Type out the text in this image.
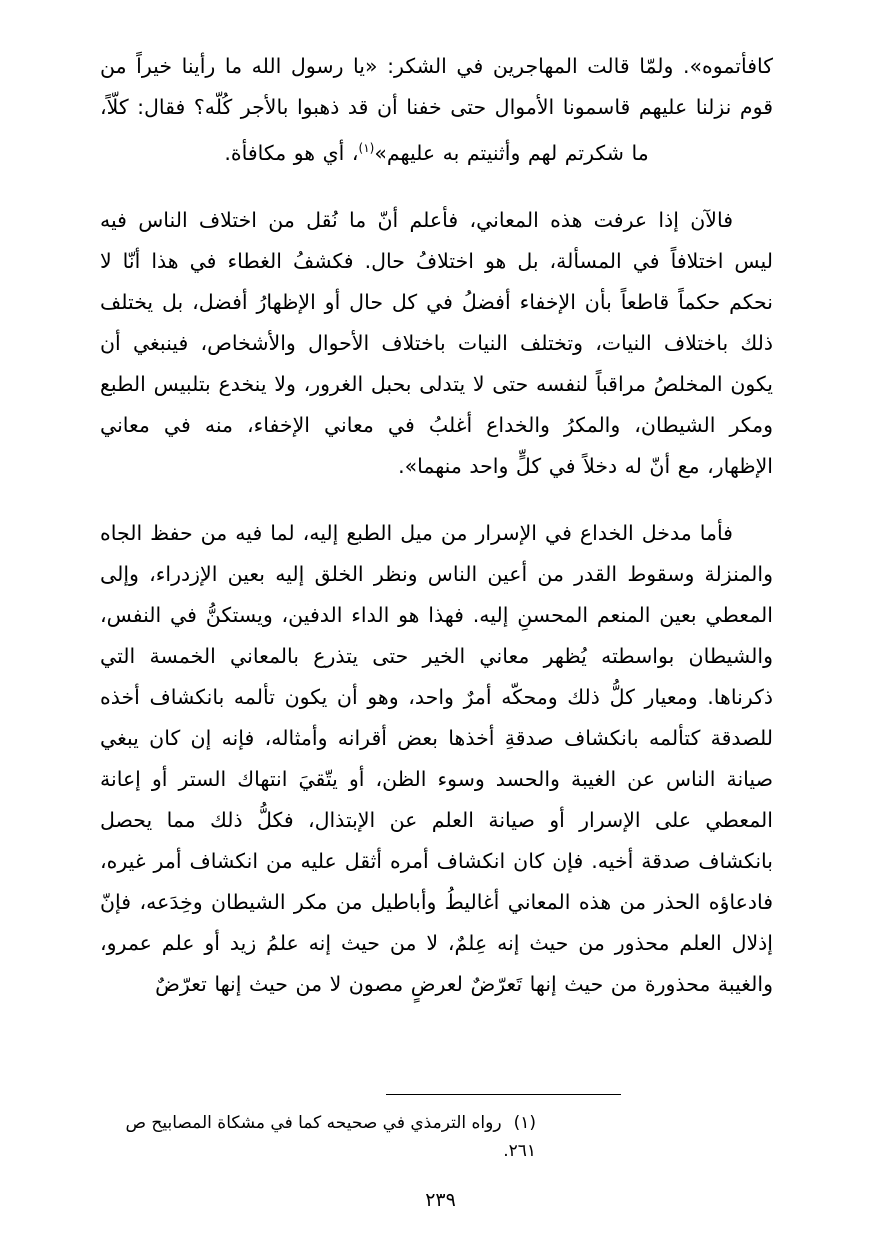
كافأتموه». ولمّا قالت المهاجرين في الشكر: «يا رسول الله ما رأينا خيراً من قوم نزلنا عليهم قاسمونا الأموال حتى خفنا أن قد ذهبوا بالأجر كُلّه؟ فقال: كلّاً، ما شكرتم لهم وأثنيتم به عليهم»$^{(١)}$، أي هو مكافأة.

فالآن إذا عرفت هذه المعاني، فأعلم أنّ ما نُقل من اختلاف الناس فيه ليس اختلافاً في المسألة، بل هو اختلافُ حال. فكشفُ الغطاء في هذا أنّا لا نحكم حكماً قاطعاً بأن الإخفاء أفضلُ في كل حال أو الإظهارُ أفضل، بل يختلف ذلك باختلاف النيات، وتختلف النيات باختلاف الأحوال والأشخاص، فينبغي أن يكون المخلصُ مراقباً لنفسه حتى لا يتدلى بحبل الغرور، ولا ينخدع بتلبيس الطبع ومكر الشيطان، والمكرُ والخداع أغلبُ في معاني الإخفاء، منه في معاني الإظهار، مع أنّ له دخلاً في كلٍّ واحد منهما».

فأما مدخل الخداع في الإسرار من ميل الطبع إليه، لما فيه من حفظ الجاه والمنزلة وسقوط القدر من أعين الناس ونظر الخلق إليه بعين الإزدراء، وإلى المعطي بعين المنعم المحسنِ إليه. فهذا هو الداء الدفين، ويستكنُّ في النفس، والشيطان بواسطته يُظهر معاني الخير حتى يتذرع بالمعاني الخمسة التي ذكرناها. ومعيار كلُّ ذلك ومحكّه أمرٌ واحد، وهو أن يكون تألمه بانكشاف أخذه للصدقة كتألمه بانكشاف صدقةِ أخذها بعض أقرانه وأمثاله، فإنه إن كان يبغي صيانة الناس عن الغيبة والحسد وسوء الظن، أو يتّقيَ انتهاك الستر أو إعانة المعطي على الإسرار أو صيانة العلم عن الإبتذال، فكلُّ ذلك مما يحصل بانكشاف صدقة أخيه. فإن كان انكشاف أمره أثقل عليه من انكشاف أمر غيره، فادعاؤه الحذر من هذه المعاني أغاليطُ وأباطيل من مكر الشيطان وخِدَعه، فإنّ إذلال العلم محذور من حيث إنه عِلمٌ، لا من حيث إنه علمُ زيد أو علم عمرو، والغيبة محذورة من حيث إنها تَعرّضٌ لعرضٍ مصون لا من حيث إنها تعرّضٌ

(١)رواه الترمذي في صحيحه كما في مشكاة المصابيح ص ٢٦١.
٢٣٩
